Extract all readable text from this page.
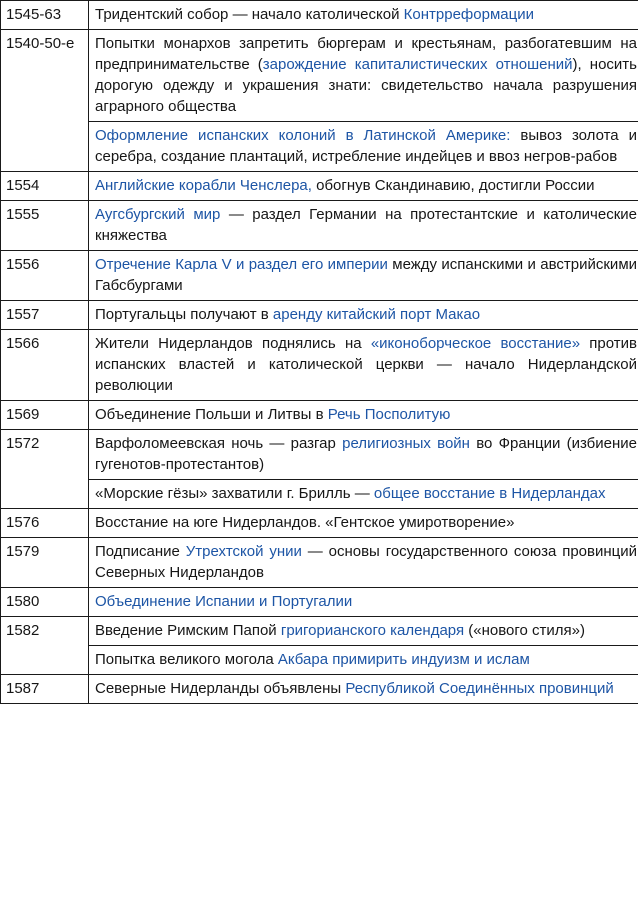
1545-63	Тридентский собор — начало католической Контрреформации
1540-50-е	Попытки монархов запретить бюргерам и крестьянам, разбогатевшим на предпринимательстве (зарождение капиталистических отношений), носить дорогую одежду и украшения знати: свидетельство начала разрушения аграрного общества
	Оформление испанских колоний в Латинской Америке: вывоз золота и серебра, создание плантаций, истребление индейцев и ввоз негров-рабов
1554	Английские корабли Ченслера, обогнув Скандинавию, достигли России
1555	Аугсбургский мир — раздел Германии на протестантские и католические княжества
1556	Отречение Карла V и раздел его империи между испанскими и австрийскими Габсбургами
1557	Португальцы получают в аренду китайский порт Макао
1566	Жители Нидерландов поднялись на «иконоборческое восстание» против испанских властей и католической церкви — начало Нидерландской революции
1569	Объединение Польши и Литвы в Речь Посполитую
1572	Варфоломеевская ночь — разгар религиозных войн во Франции (избиение гугенотов-протестантов)
	«Морские гёзы» захватили г. Брилль — общее восстание в Нидерландах
1576	Восстание на юге Нидерландов. «Гентское умиротворение»
1579	Подписание Утрехтской унии — основы государственного союза провинций Северных Нидерландов
1580	Объединение Испании и Португалии
1582	Введение Римским Папой григорианского календаря («нового стиля»)
	Попытка великого могола Акбара примирить индуизм и ислам
1587	Северные Нидерланды объявлены Республикой Соединённых провинций
